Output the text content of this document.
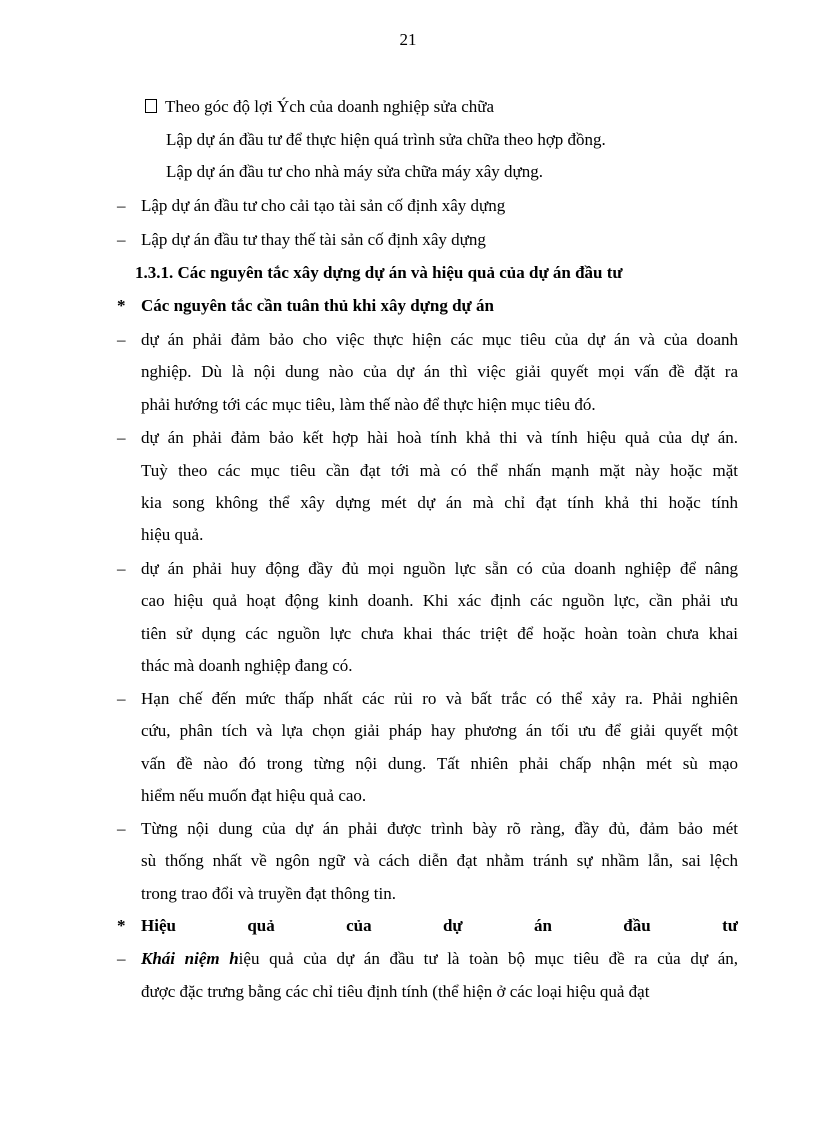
21
Theo góc độ lợi Ých của doanh nghiệp sửa chữa
Lập dự án đầu tư để thực hiện quá trình sửa chữa theo hợp đồng.
Lập dự án đầu tư cho nhà máy sửa chữa máy xây dựng.
– Lập dự án đầu tư cho cải tạo tài sản cố định xây dựng
– Lập dự án đầu tư thay thế tài sản cố định xây dựng
1.3.1. Các nguyên tắc xây dựng dự án và hiệu quả của dự án đầu tư
* Các nguyên tắc cần tuân thủ khi xây dựng dự án
– dự án phải đảm bảo cho việc thực hiện các mục tiêu của dự án và của doanh
nghiệp. Dù là nội dung nào của dự án thì việc giải quyết mọi vấn đề đặt ra
phải hướng tới các mục tiêu, làm thế nào để thực hiện mục tiêu đó.
– dự án phải đảm bảo kết hợp hài hoà tính khả thi và tính hiệu quả của dự án.
Tuỳ theo các mục tiêu cần đạt tới mà có thể nhấn mạnh mặt này hoặc mặt
kia song không thể xây dựng mét dự án mà chỉ đạt tính khả thi hoặc tính
hiệu quả.
– dự án phải huy động đầy đủ mọi nguồn lực sẵn có của doanh nghiệp để nâng
cao hiệu quả hoạt động kinh doanh. Khi xác định các nguồn lực, cần phải ưu
tiên sử dụng các nguồn lực chưa khai thác triệt để hoặc hoàn toàn chưa khai
thác mà doanh nghiệp đang có.
– Hạn chế đến mức thấp nhất các rủi ro và bất trắc có thể xảy ra. Phải nghiên
cứu, phân tích và lựa chọn giải pháp hay phương án tối ưu để giải quyết một
vấn đề nào đó trong từng nội dung. Tất nhiên phải chấp nhận mét sù mạo
hiểm nếu muốn đạt hiệu quả cao.
– Từng nội dung của dự án phải được trình bày rõ ràng, đầy đủ, đảm bảo mét
sù thống nhất về ngôn ngữ và cách diễn đạt nhằm tránh sự nhầm lẫn, sai lệch
trong trao đổi và truyền đạt thông tin.
* Hiệu	quả	của	dự	án	đầu	tư
– Khái niệm hiệu quả của dự án đầu tư là toàn bộ mục tiêu đề ra của dự án,
được đặc trưng bằng các chỉ tiêu định tính (thể hiện ở các loại hiệu quả đạt
